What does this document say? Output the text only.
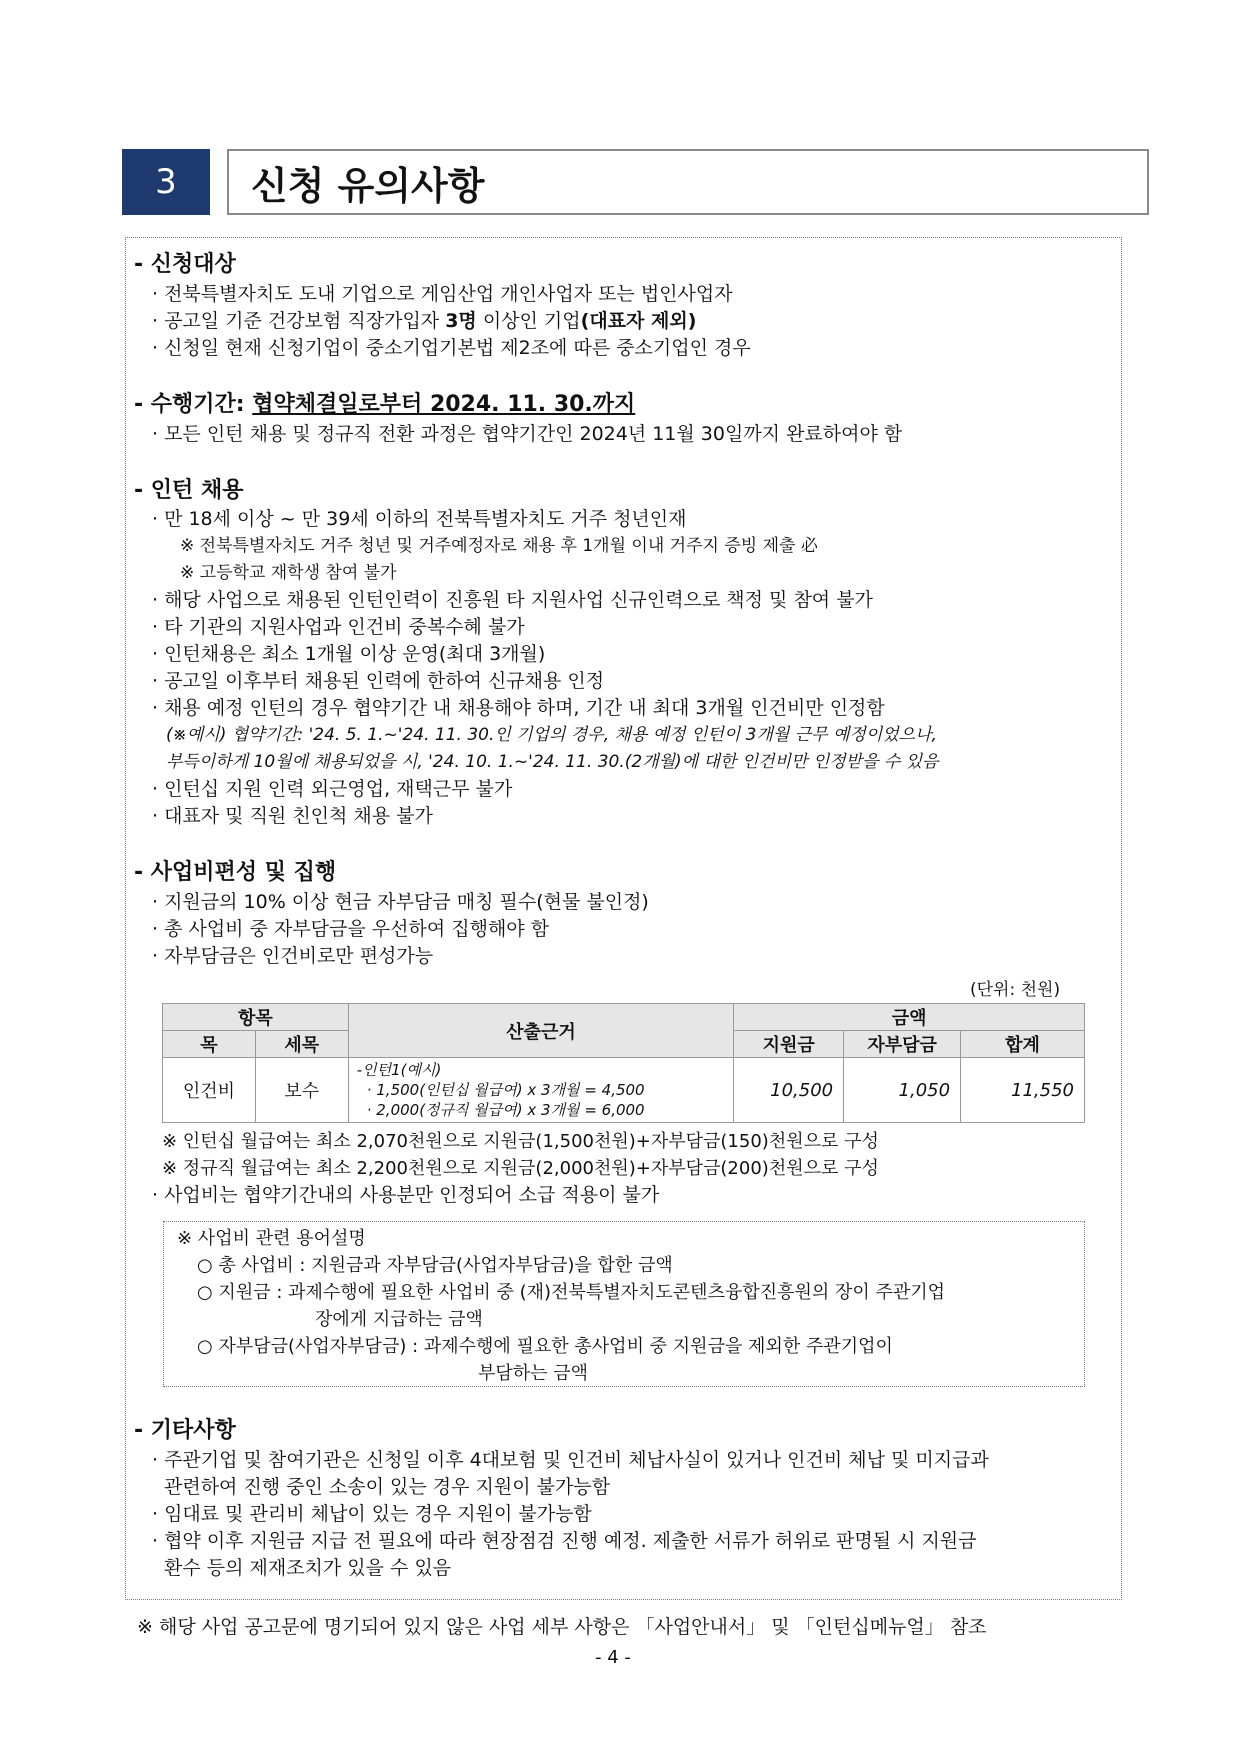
3	신청 유의사항
- 신청대상
· 전북특별자치도 도내 기업으로 게임산업 개인사업자 또는 법인사업자
· 공고일 기준 건강보험 직장가입자 3명 이상인 기업(대표자 제외)
· 신청일 현재 신청기업이 중소기업기본법 제2조에 따른 중소기업인 경우
- 수행기간: 협약체결일로부터 2024. 11. 30.까지
· 모든 인턴 채용 및 정규직 전환 과정은 협약기간인 2024년 11월 30일까지 완료하여야 함
- 인턴 채용
· 만 18세 이상 ~ 만 39세 이하의 전북특별자치도 거주 청년인재
※ 전북특별자치도 거주 청년 및 거주예정자로 채용 후 1개월 이내 거주지 증빙 제출 必
※ 고등학교 재학생 참여 불가
· 해당 사업으로 채용된 인턴인력이 진흥원 타 지원사업 신규인력으로 책정 및 참여 불가
· 타 기관의 지원사업과 인건비 중복수혜 불가
· 인턴채용은 최소 1개월 이상 운영(최대 3개월)
· 공고일 이후부터 채용된 인력에 한하여 신규채용 인정
· 채용 예정 인턴의 경우 협약기간 내 채용해야 하며, 기간 내 최대 3개월 인건비만 인정함
(※예시) 협약기간: '24. 5. 1.~'24. 11. 30.인 기업의 경우, 채용 예정 인턴이 3개월 근무 예정이었으나,
부득이하게 10월에 채용되었을 시, '24. 10. 1.~'24. 11. 30.(2개월)에 대한 인건비만 인정받을 수 있음
· 인턴십 지원 인력 외근영업, 재택근무 불가
· 대표자 및 직원 친인척 채용 불가
- 사업비편성 및 집행
· 지원금의 10% 이상 현금 자부담금 매칭 필수(현물 불인정)
· 총 사업비 중 자부담금을 우선하여 집행해야 함
· 자부담금은 인건비로만 편성가능
(단위: 천원)
항목		산출근거	금액		
목	세목		지원금	자부담금	합계
인건비	보수	-인턴1(예시)
· 1,500(인턴십 월급여) x 3개월 = 4,500
· 2,000(정규직 월급여) x 3개월 = 6,000	10,500	1,050	11,550
※ 인턴십 월급여는 최소 2,070천원으로 지원금(1,500천원)+자부담금(150)천원으로 구성
※ 정규직 월급여는 최소 2,200천원으로 지원금(2,000천원)+자부담금(200)천원으로 구성
· 사업비는 협약기간내의 사용분만 인정되어 소급 적용이 불가
※ 사업비 관련 용어설명
○ 총 사업비 : 지원금과 자부담금(사업자부담금)을 합한 금액
○ 지원금 : 과제수행에 필요한 사업비 중 (재)전북특별자치도콘텐츠융합진흥원의 장이 주관기업
장에게 지급하는 금액
○ 자부담금(사업자부담금) : 과제수행에 필요한 총사업비 중 지원금을 제외한 주관기업이
부담하는 금액
- 기타사항
· 주관기업 및 참여기관은 신청일 이후 4대보험 및 인건비 체납사실이 있거나 인건비 체납 및 미지급과
관련하여 진행 중인 소송이 있는 경우 지원이 불가능함
· 임대료 및 관리비 체납이 있는 경우 지원이 불가능함
· 협약 이후 지원금 지급 전 필요에 따라 현장점검 진행 예정. 제출한 서류가 허위로 판명될 시 지원금
환수 등의 제재조치가 있을 수 있음
※ 해당 사업 공고문에 명기되어 있지 않은 사업 세부 사항은 「사업안내서」 및 「인턴십메뉴얼」 참조
- 4 -
